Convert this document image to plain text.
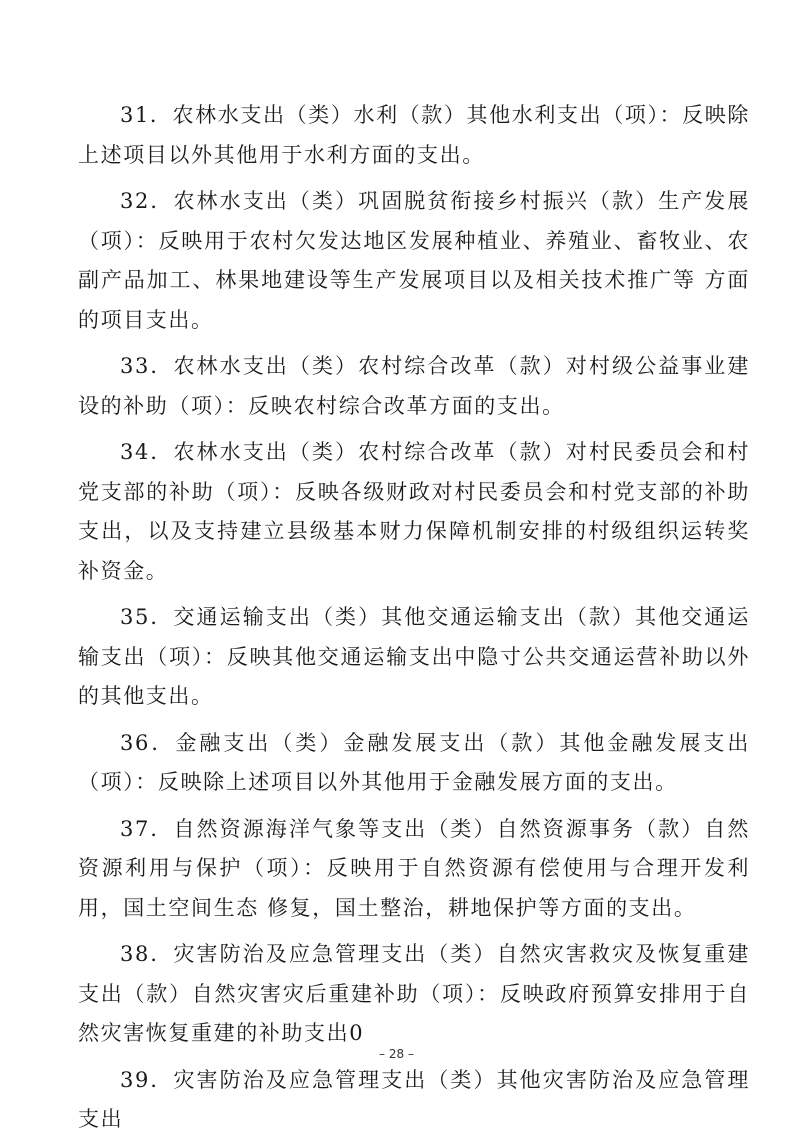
31．农林水支出（类）水利（款）其他水利支出（项）：反映除上述项目以外其他用于水利方面的支出。

32．农林水支出（类）巩固脱贫衔接乡村振兴（款）生产发展（项）：反映用于农村欠发达地区发展种植业、养殖业、畜牧业、农 副产品加工、林果地建设等生产发展项目以及相关技术推广等 方面的项目支出。

33．农林水支出（类）农村综合改革（款）对村级公益事业建设的补助（项）：反映农村综合改革方面的支出。

34．农林水支出（类）农村综合改革（款）对村民委员会和村党支部的补助（项）：反映各级财政对村民委员会和村党支部的补助支出，以及支持建立县级基本财力保障机制安排的村级组织运转奖补资金。

35．交通运输支出（类）其他交通运输支出（款）其他交通运输支出（项）：反映其他交通运输支出中隐寸公共交通运营补助以外的其他支出。

36．金融支出（类）金融发展支出（款）其他金融发展支出（项）：反映除上述项目以外其他用于金融发展方面的支出。

37．自然资源海洋气象等支出（类）自然资源事务（款）自然资源利用与保护（项）：反映用于自然资源有偿使用与合理开发利用，国土空间生态 修复，国土整治，耕地保护等方面的支出。

38．灾害防治及应急管理支出（类）自然灾害救灾及恢复重建支出（款）自然灾害灾后重建补助（项）：反映政府预算安排用于自然灾害恢复重建的补助支出0

39．灾害防治及应急管理支出（类）其他灾害防治及应急管理支出

– 28 –
